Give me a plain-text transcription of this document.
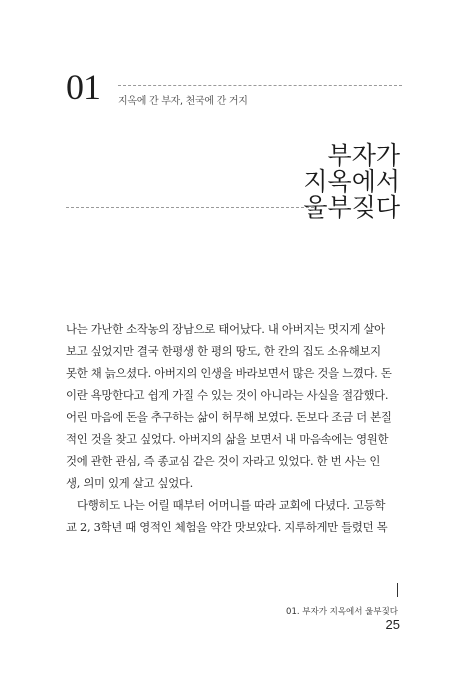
01 지옥에 간 부자, 천국에 간 거지
부자가
지옥에서
울부짖다
나는 가난한 소작농의 장남으로 태어났다. 내 아버지는 멋지게 살아
보고 싶었지만 결국 한평생 한 평의 땅도, 한 칸의 집도 소유해보지
못한 채 늙으셨다. 아버지의 인생을 바라보면서 많은 것을 느꼈다. 돈
이란 욕망한다고 쉽게 가질 수 있는 것이 아니라는 사실을 절감했다.
어린 마음에 돈을 추구하는 삶이 허무해 보였다. 돈보다 조금 더 본질
적인 것을 찾고 싶었다. 아버지의 삶을 보면서 내 마음속에는 영원한
것에 관한 관심, 즉 종교심 같은 것이 자라고 있었다. 한 번 사는 인
생, 의미 있게 살고 싶었다.
다행히도 나는 어릴 때부터 어머니를 따라 교회에 다녔다. 고등학
교 2, 3학년 때 영적인 체험을 약간 맛보았다. 지루하게만 들렸던 목
01. 부자가 지옥에서 울부짖다
25
